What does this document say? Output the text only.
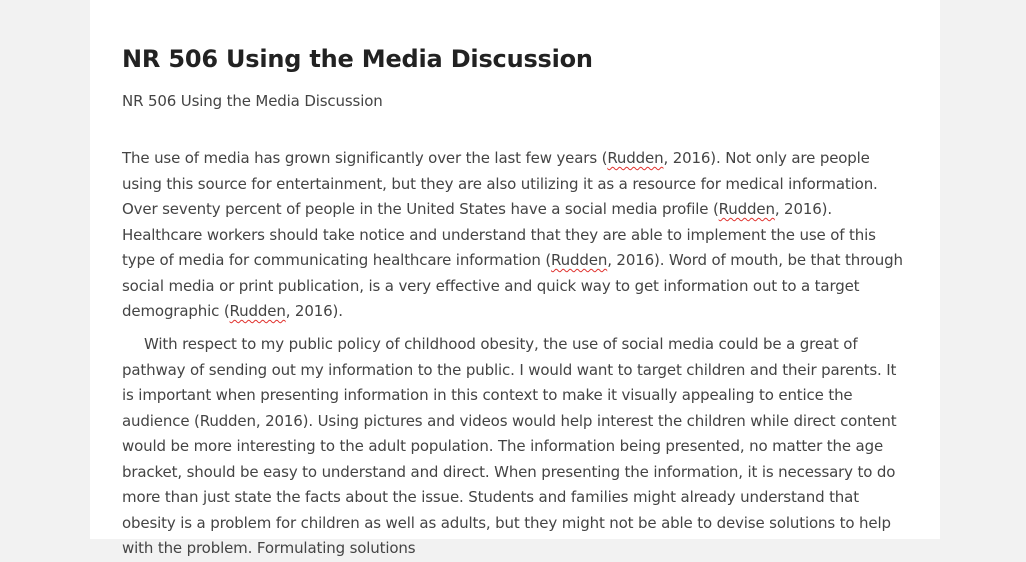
NR 506 Using the Media Discussion

NR 506 Using the Media Discussion

The use of media has grown significantly over the last few years (Rudden, 2016). Not only are people using this source for entertainment, but they are also utilizing it as a resource for medical information. Over seventy percent of people in the United States have a social media profile (Rudden, 2016). Healthcare workers should take notice and understand that they are able to implement the use of this type of media for communicating healthcare information (Rudden, 2016). Word of mouth, be that through social media or print publication, is a very effective and quick way to get information out to a target demographic (Rudden, 2016).

With respect to my public policy of childhood obesity, the use of social media could be a great of pathway of sending out my information to the public. I would want to target children and their parents. It is important when presenting information in this context to make it visually appealing to entice the audience (Rudden, 2016). Using pictures and videos would help interest the children while direct content would be more interesting to the adult population. The information being presented, no matter the age bracket, should be easy to understand and direct. When presenting the information, it is necessary to do more than just state the facts about the issue. Students and families might already understand that obesity is a problem for children as well as adults, but they might not be able to devise solutions to help with the problem. Formulating solutions
